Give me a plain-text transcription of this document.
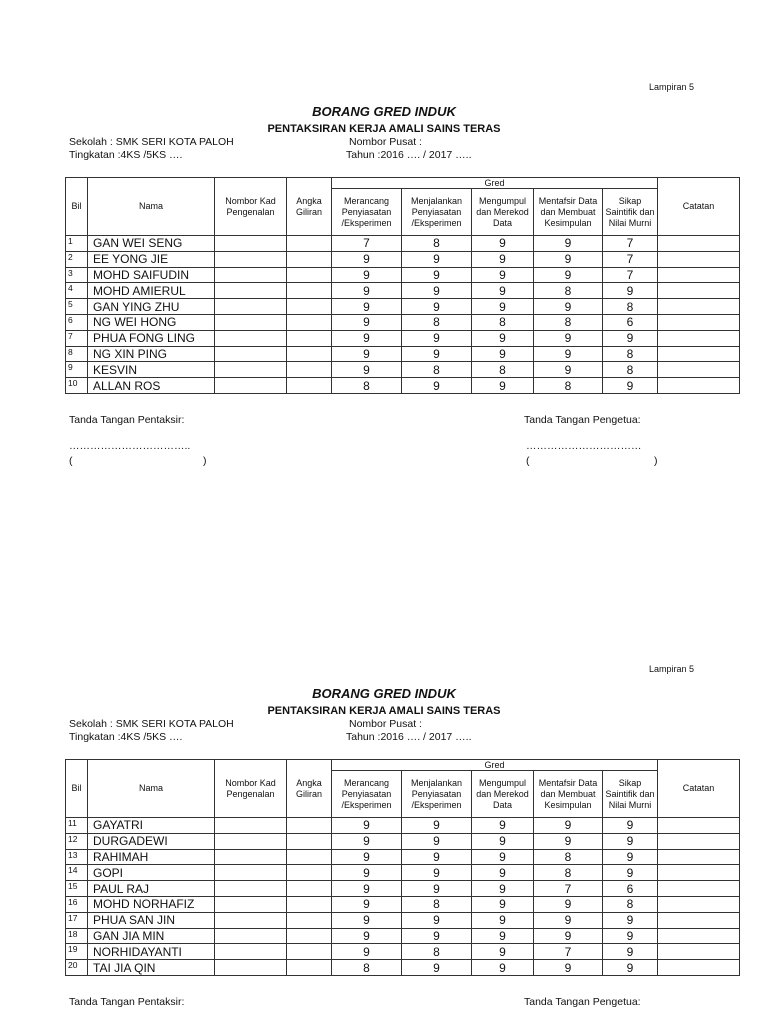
Lampiran 5
BORANG GRED INDUK
PENTAKSIRAN KERJA AMALI SAINS TERAS
Sekolah : SMK SERI KOTA PALOH	Nombor Pusat :
Tingkatan :4KS /5KS ….	Tahun :2016 …. / 2017 …..
Bil	Nama	Nombor Kad Pengenalan	Angka Giliran	Gred					Catatan
				Merancang Penyiasatan /Eksperimen	Menjalankan Penyiasatan /Eksperimen	Mengumpul dan Merekod Data	Mentafsir Data dan Membuat Kesimpulan	Sikap Saintifik dan Nilai Murni	
1	GAN WEI SENG			7	8	9	9	7	
2	EE YONG JIE			9	9	9	9	7	
3	MOHD SAIFUDIN			9	9	9	9	7	
4	MOHD AMIERUL			9	9	9	8	9	
5	GAN YING ZHU			9	9	9	9	8	
6	NG WEI HONG			9	8	8	8	6	
7	PHUA FONG LING			9	9	9	9	9	
8	NG XIN PING			9	9	9	9	8	
9	KESVIN			9	8	8	9	8	
10	ALLAN ROS			8	9	9	8	9	
Tanda Tangan Pentaksir:	Tanda Tangan Pengetua:
……………………………..	……………………………
(	)	(	)
Lampiran 5
BORANG GRED INDUK
PENTAKSIRAN KERJA AMALI SAINS TERAS
Sekolah : SMK SERI KOTA PALOH	Nombor Pusat :
Tingkatan :4KS /5KS ….	Tahun :2016 …. / 2017 …..
Bil	Nama	Nombor Kad Pengenalan	Angka Giliran	Gred					Catatan
				Merancang Penyiasatan /Eksperimen	Menjalankan Penyiasatan /Eksperimen	Mengumpul dan Merekod Data	Mentafsir Data dan Membuat Kesimpulan	Sikap Saintifik dan Nilai Murni	
11	GAYATRI			9	9	9	9	9	
12	DURGADEWI			9	9	9	9	9	
13	RAHIMAH			9	9	9	8	9	
14	GOPI			9	9	9	8	9	
15	PAUL RAJ			9	9	9	7	6	
16	MOHD NORHAFIZ			9	8	9	9	8	
17	PHUA SAN JIN			9	9	9	9	9	
18	GAN JIA MIN			9	9	9	9	9	
19	NORHIDAYANTI			9	8	9	7	9	
20	TAI JIA QIN			8	9	9	9	9	
Tanda Tangan Pentaksir:	Tanda Tangan Pengetua:
